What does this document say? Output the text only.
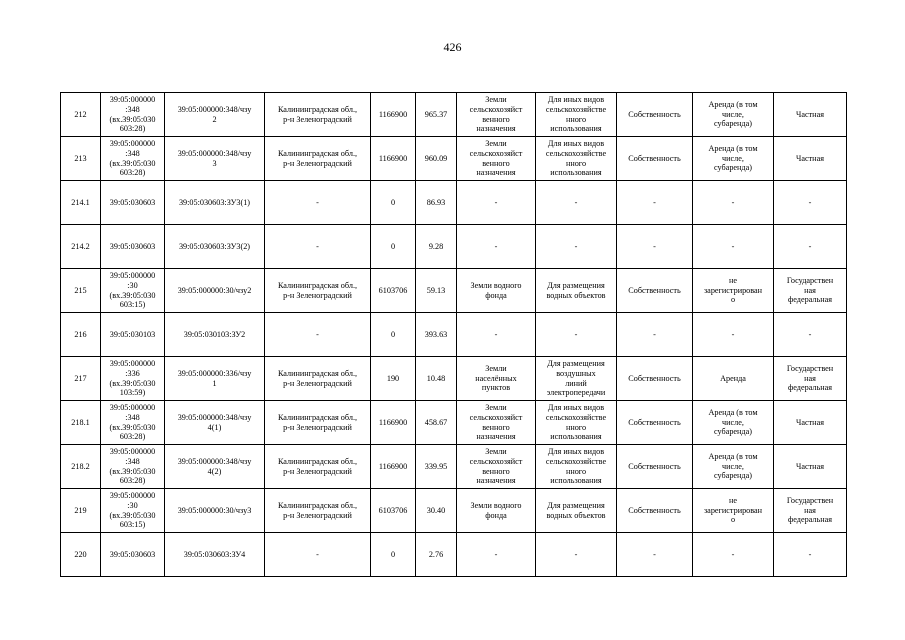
426
212	39:05:000000
:348
(вх.39:05:030
603:28)	39:05:000000:348/чзу
2	Калининградская обл.,
р-н Зеленоградский	1166900	965.37	Земли
сельскохозяйст
венного
назначения	Для иных видов
сельскохозяйстве
нного
использования	Собственность	Аренда (в том
числе,
субаренда)	Частная
213	39:05:000000
:348
(вх.39:05:030
603:28)	39:05:000000:348/чзу
3	Калининградская обл.,
р-н Зеленоградский	1166900	960.09	Земли
сельскохозяйст
венного
назначения	Для иных видов
сельскохозяйстве
нного
использования	Собственность	Аренда (в том
числе,
субаренда)	Частная
214.1	39:05:030603	39:05:030603:ЗУ3(1)	-	0	86.93	-	-	-	-	-
214.2	39:05:030603	39:05:030603:ЗУ3(2)	-	0	9.28	-	-	-	-	-
215	39:05:000000
:30
(вх.39:05:030
603:15)	39:05:000000:30/чзу2	Калининградская обл.,
р-н Зеленоградский	6103706	59.13	Земли водного
фонда	Для размещения
водных объектов	Собственность	не
зарегистрирован
о	Государствен
ная
федеральная
216	39:05:030103	39:05:030103:ЗУ2	-	0	393.63	-	-	-	-	-
217	39:05:000000
:336
(вх.39:05:030
103:59)	39:05:000000:336/чзу
1	Калининградская обл.,
р-н Зеленоградский	190	10.48	Земли
населённых
пунктов	Для размещения
воздушных
линий
электропередачи	Собственность	Аренда	Государствен
ная
федеральная
218.1	39:05:000000
:348
(вх.39:05:030
603:28)	39:05:000000:348/чзу
4(1)	Калининградская обл.,
р-н Зеленоградский	1166900	458.67	Земли
сельскохозяйст
венного
назначения	Для иных видов
сельскохозяйстве
нного
использования	Собственность	Аренда (в том
числе,
субаренда)	Частная
218.2	39:05:000000
:348
(вх.39:05:030
603:28)	39:05:000000:348/чзу
4(2)	Калининградская обл.,
р-н Зеленоградский	1166900	339.95	Земли
сельскохозяйст
венного
назначения	Для иных видов
сельскохозяйстве
нного
использования	Собственность	Аренда (в том
числе,
субаренда)	Частная
219	39:05:000000
:30
(вх.39:05:030
603:15)	39:05:000000:30/чзу3	Калининградская обл.,
р-н Зеленоградский	6103706	30.40	Земли водного
фонда	Для размещения
водных объектов	Собственность	не
зарегистрирован
о	Государствен
ная
федеральная
220	39:05:030603	39:05:030603:ЗУ4	-	0	2.76	-	-	-	-	-
